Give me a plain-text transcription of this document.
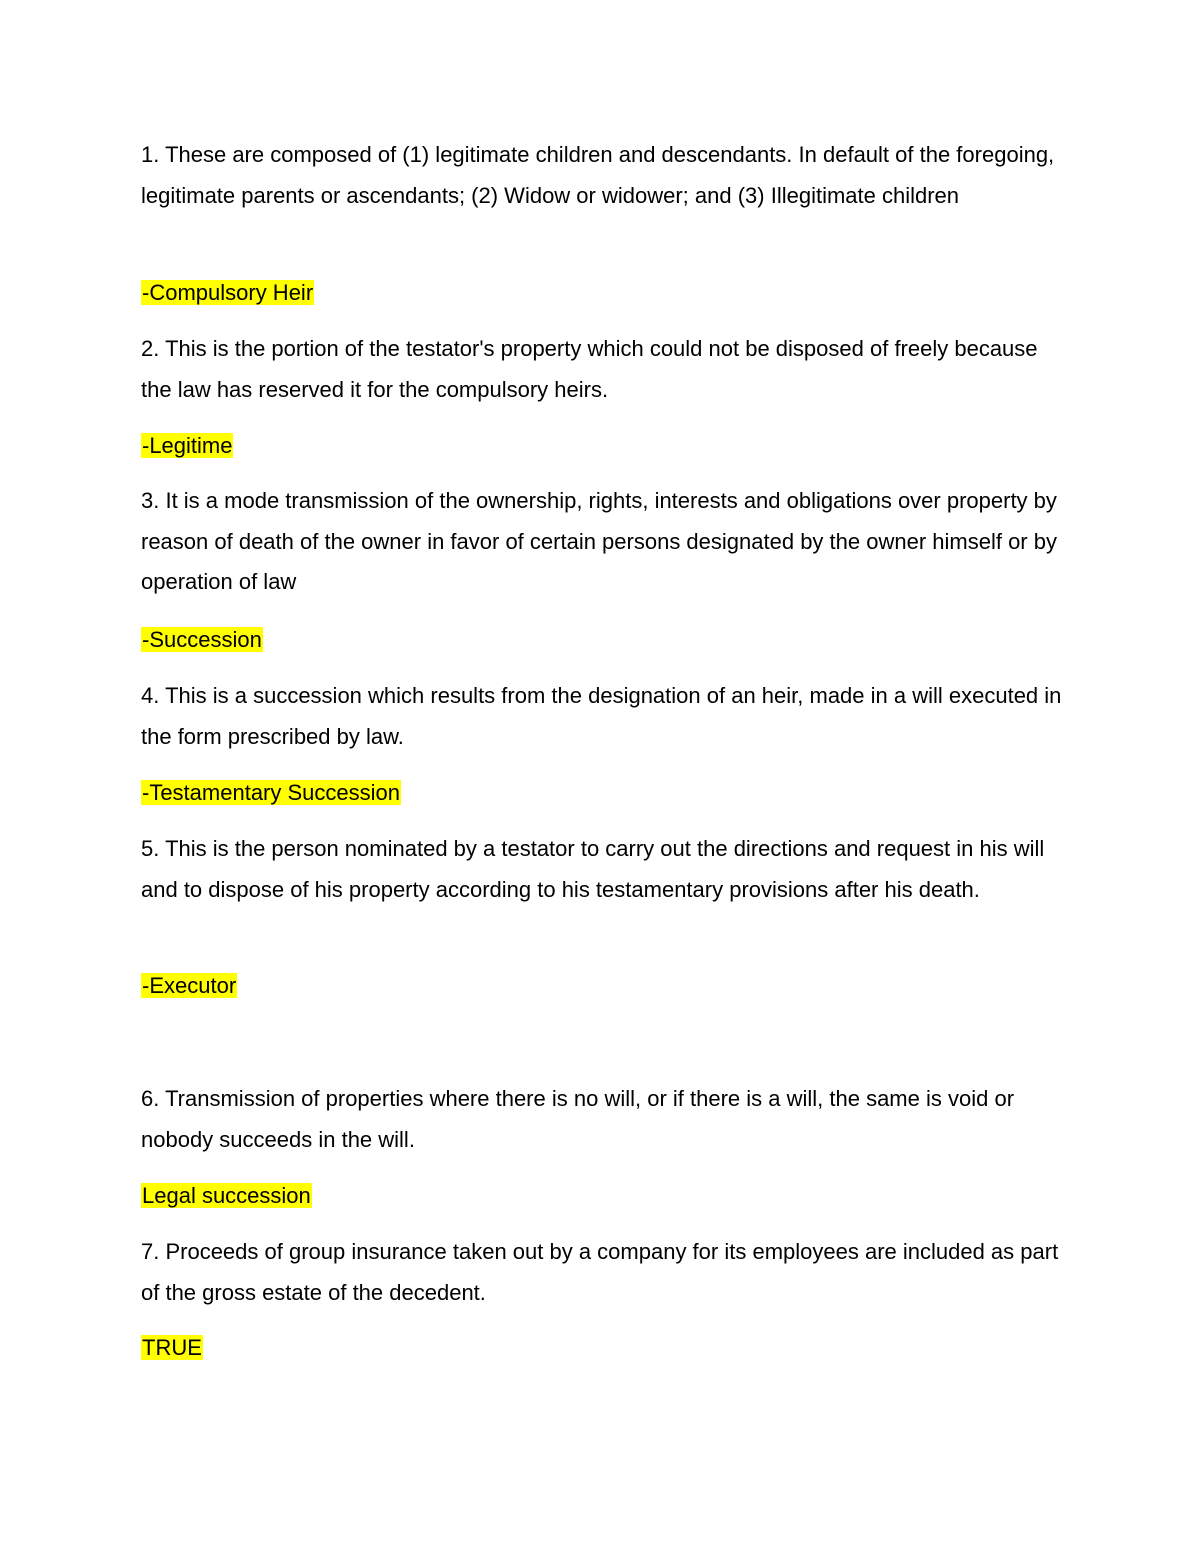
1. These are composed of (1) legitimate children and descendants. In default of the foregoing, legitimate parents or ascendants; (2) Widow or widower; and (3) Illegitimate children

-Compulsory Heir

2. This is the portion of the testator's property which could not be disposed of freely because the law has reserved it for the compulsory heirs.

-Legitime

3. It is a mode transmission of the ownership, rights, interests and obligations over property by reason of death of the owner in favor of certain persons designated by the owner himself or by operation of law

-Succession

4. This is a succession which results from the designation of an heir, made in a will executed in the form prescribed by law.

-Testamentary Succession

5. This is the person nominated by a testator to carry out the directions and request in his will and to dispose of his property according to his testamentary provisions after his death.

-Executor

6. Transmission of properties where there is no will, or if there is a will, the same is void or nobody succeeds in the will.

Legal succession

7. Proceeds of group insurance taken out by a company for its employees are included as part of the gross estate of the decedent.

TRUE
